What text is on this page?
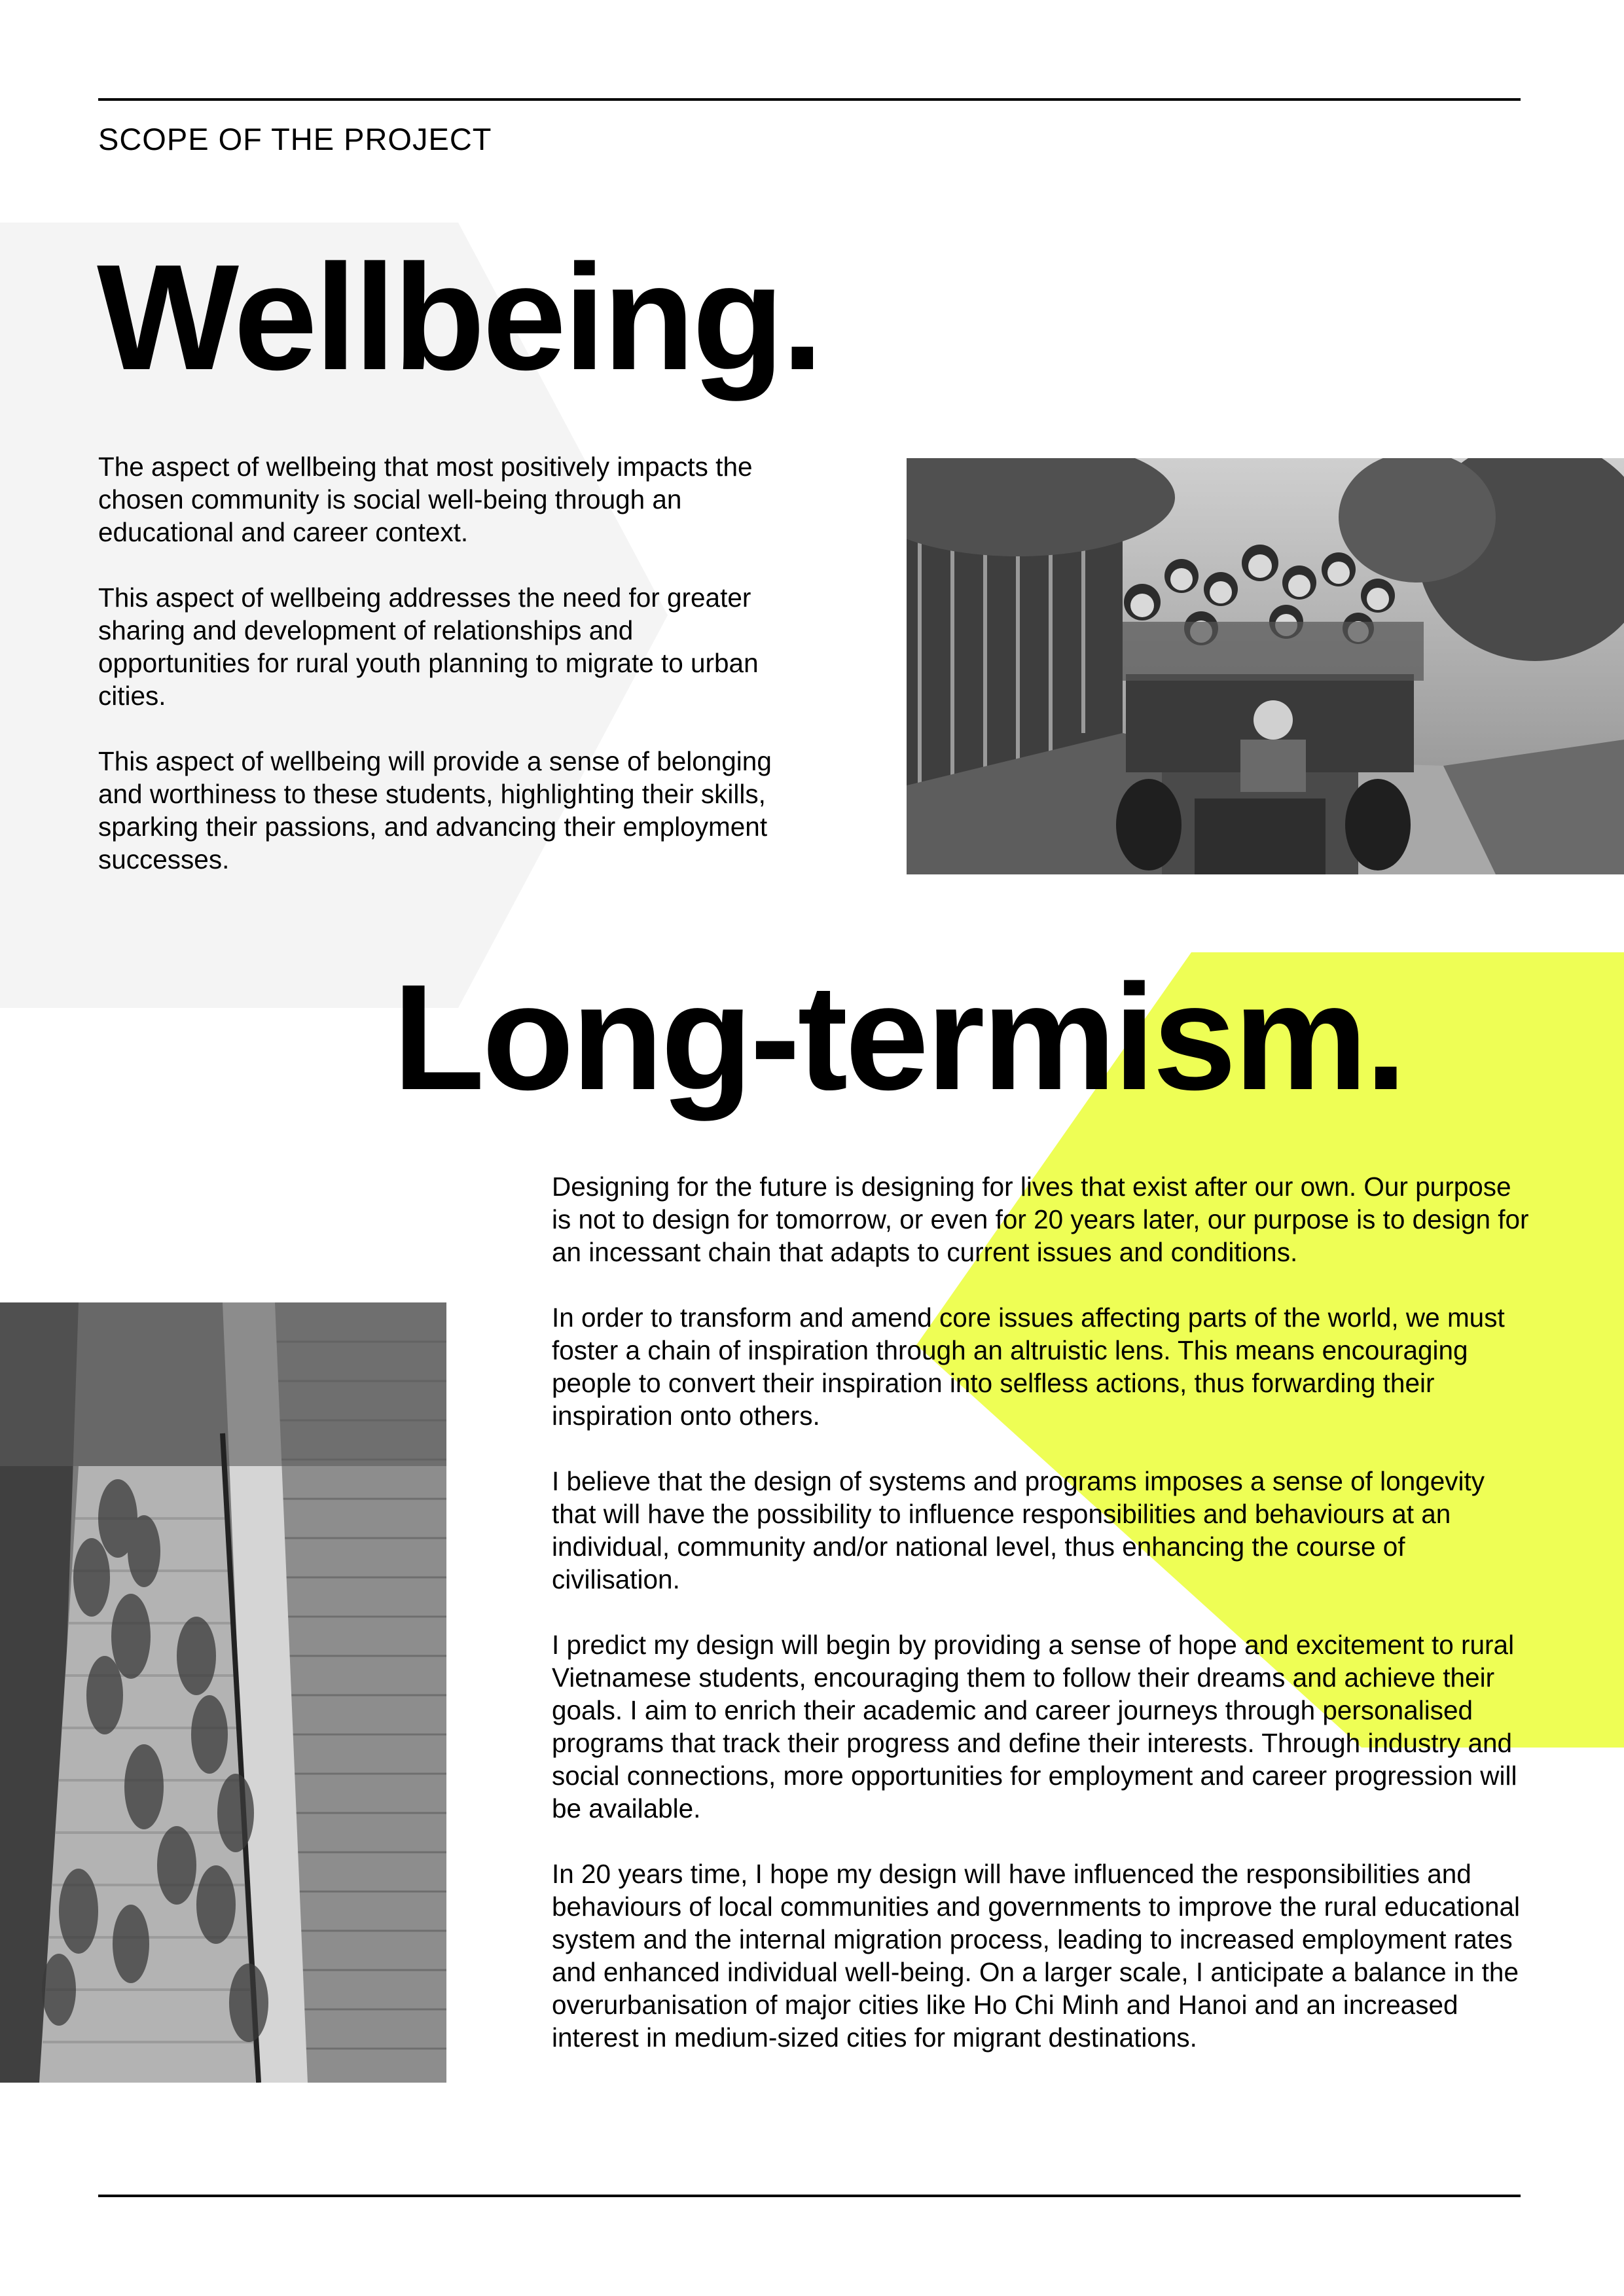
SCOPE OF THE PROJECT
Wellbeing.

The aspect of wellbeing that most positively impacts the chosen community is social well-being through an educational and career context.

This aspect of wellbeing addresses the need for greater sharing and development of relationships and opportunities for rural youth planning to migrate to urban cities.

This aspect of wellbeing will provide a sense of belonging and worthiness to these students, highlighting their skills, sparking their passions, and advancing their employment successes.

Long-termism.

Designing for the future is designing for lives that exist after our own. Our purpose is not to design for tomorrow, or even for 20 years later, our purpose is to design for an incessant chain that adapts to current issues and conditions.

In order to transform and amend core issues affecting parts of the world, we must foster a chain of inspiration through an altruistic lens. This means encouraging people to convert their inspiration into selfless actions, thus forwarding their inspiration onto others.

I believe that the design of systems and programs imposes a sense of longevity that will have the possibility to influence responsibilities and behaviours at an individual, community and/or national level, thus enhancing the course of civilisation.

I predict my design will begin by providing a sense of hope and excitement to rural Vietnamese students, encouraging them to follow their dreams and achieve their goals. I aim to enrich their academic and career journeys through personalised programs that track their progress and define their interests. Through industry and social connections, more opportunities for employment and career progression will be available.

In 20 years time, I hope my design will have influenced the responsibilities and behaviours of local communities and governments to improve the rural educational system and the internal migration process, leading to increased employment rates and enhanced individual well-being. On a larger scale, I anticipate a balance in the overurbanisation of major cities like Ho Chi Minh and Hanoi and an increased interest in medium-sized cities for migrant destinations.
